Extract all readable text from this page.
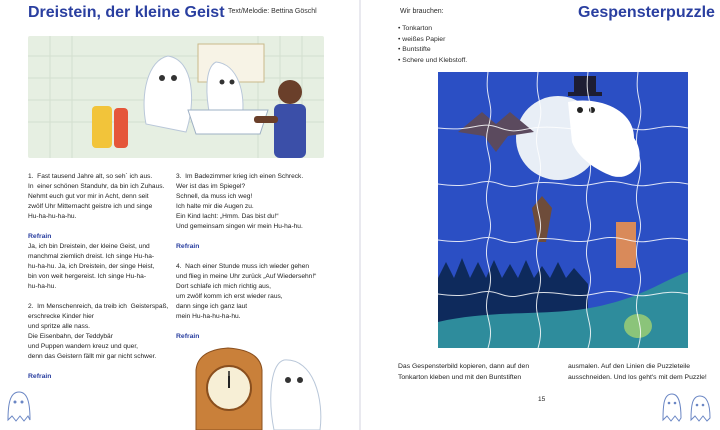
Dreistein, der kleine Geist Text/Melodie: Bettina Göschl

1.  Fast tausend Jahre alt, so seh´ ich aus.

In  einer schönen Standuhr, da bin ich Zuhaus.

Nehmt euch gut vor mir in Acht, denn seit

zwölf Uhr Mitternacht geistre ich und singe

Hu-ha-hu-ha-hu.

Refrain

Ja, ich bin Dreistein, der kleine Geist, und

manchmal ziemlich dreist. Ich singe Hu-ha-

hu-ha-hu. Ja, ich Dreistein, der singe Heist,

bin von weit hergereist. Ich singe Hu-ha-

hu-ha-hu.

2.  Im Menschenreich, da treib ich  Geisterspaß,

erschrecke Kinder hier

und spritze alle nass.

Die Eisenbahn, der Teddybär

und Puppen wandern kreuz und quer,

denn das Geistern fällt mir gar nicht schwer.

Refrain

3.  Im Badezimmer krieg ich einen Schreck.

Wer ist das im Spiegel?

Schnell, da muss ich weg!

Ich halte mir die Augen zu.

Ein Kind lacht: „Hmm. Das bist du!“

Und gemeinsam singen wir mein Hu-ha-hu.

Refrain

4.  Nach einer Stunde muss ich wieder gehen

und flieg in meine Uhr zurück „Auf Wiedersehn!“

Dort schlafe ich mich richtig aus,

um zwölf komm ich erst wieder raus,

dann singe ich ganz laut

mein Hu-ha-hu-ha-hu.

Refrain

Wir brauchen:	Gespensterpuzzle
• Tonkarton
• weißes Papier
• Buntstifte
• Schere und Klebstoff.
Das Gespensterbild kopieren, dann auf den
Tonkarton kleben und mit den Buntstiften
ausmalen. Auf den Linien die Puzzleteile
ausschneiden. Und los geht's mit dem Puzzle!
15
